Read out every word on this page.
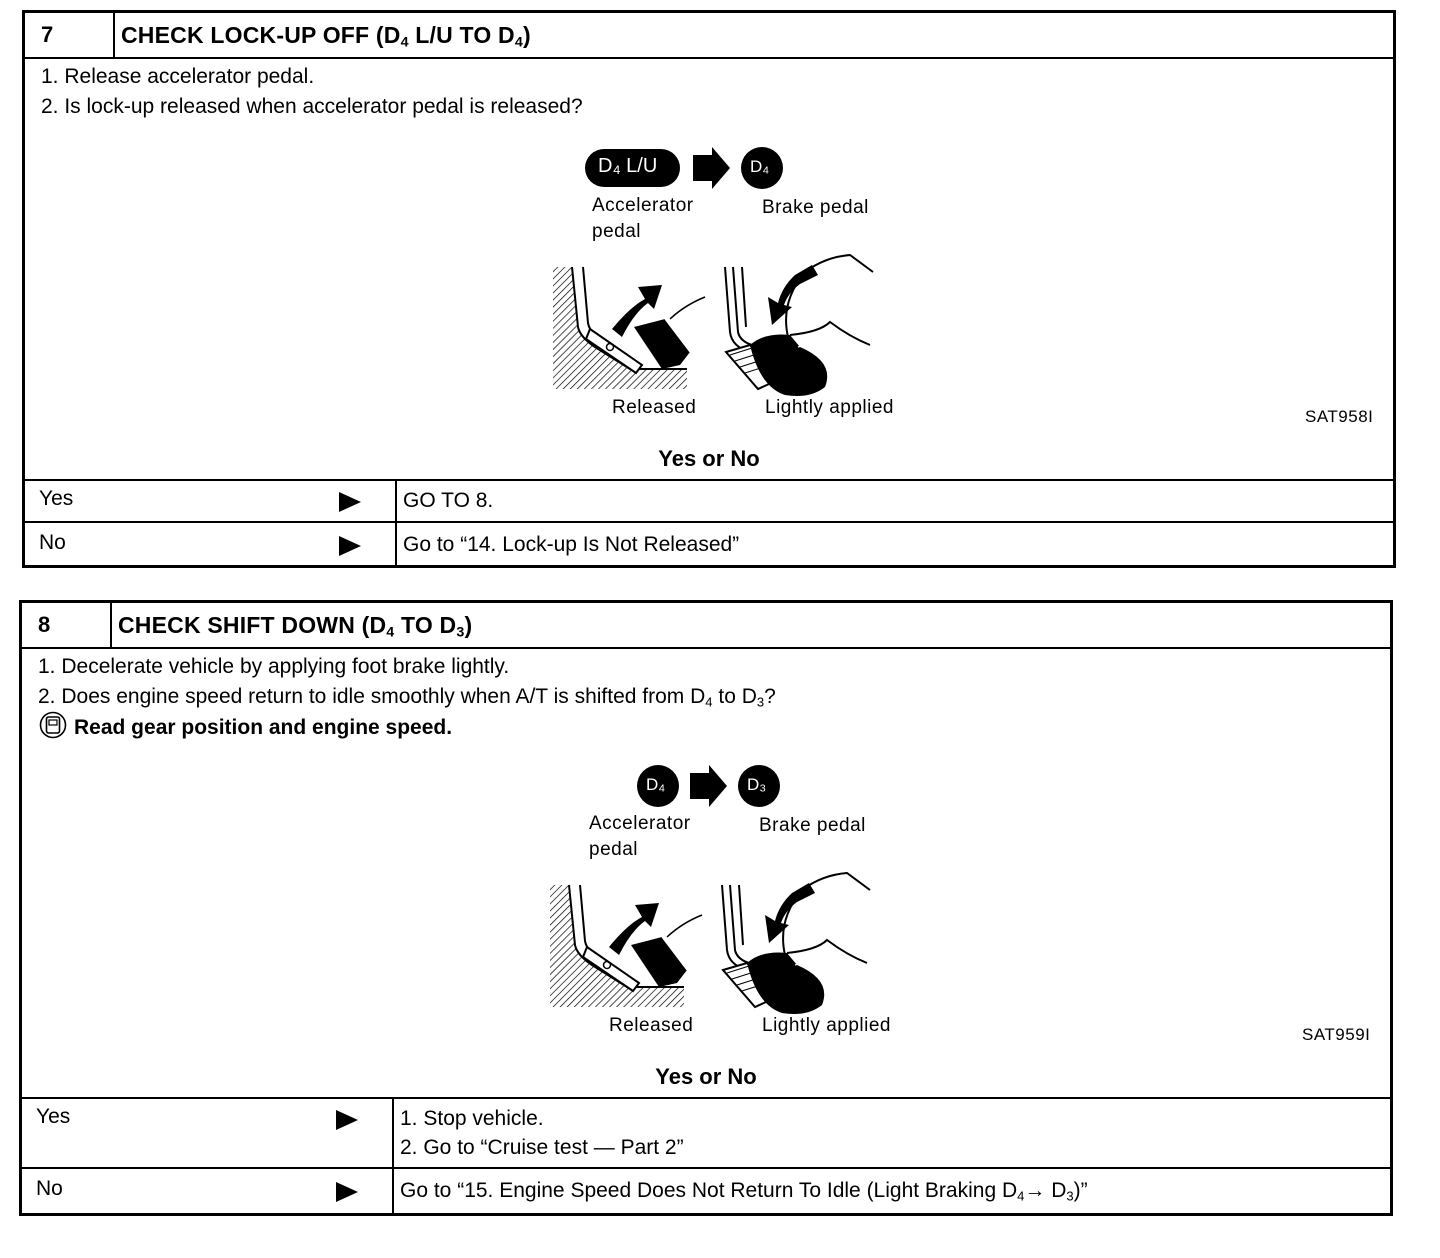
7	CHECK LOCK-UP OFF ($D_4$ L/U TO $D_4$)
1. Release accelerator pedal.
2. Is lock-up released when accelerator pedal is released?
D₄ L/U	D₄
Accelerator
pedal
Brake pedal
Released	Lightly applied	SAT958I
Yes or No
Yes	GO TO 8.
No	Go to “14. Lock-up Is Not Released”
8	CHECK SHIFT DOWN ($D_4$ TO $D_3$)
1. Decelerate vehicle by applying foot brake lightly.
2. Does engine speed return to idle smoothly when A/T is shifted from $D_4$ to $D_3$?
Read gear position and engine speed.
D₄	D₃
Accelerator
pedal
Brake pedal
Released	Lightly applied	SAT959I
Yes or No
Yes	1. Stop vehicle.
2. Go to “Cruise test — Part 2”
No	Go to “15. Engine Speed Does Not Return To Idle (Light Braking $D_4\to D_3$)”
